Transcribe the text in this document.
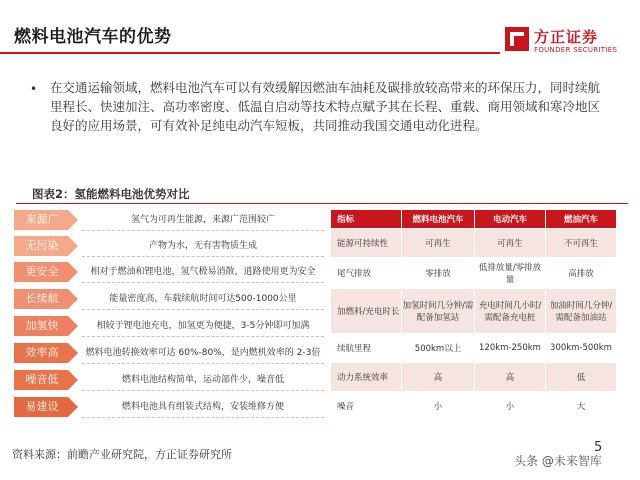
燃料电池汽车的优势	方正证券
FOUNDER SECURITIES
• 在交通运输领域，燃料电池汽车可以有效缓解因燃油车油耗及碳排放较高带来的环保压力，同时续航里程长、快速加注、高功率密度、低温自启动等技术特点赋予其在长程、重载、商用领域和寒冷地区良好的应用场景，可有效补足纯电动汽车短板，共同推动我国交通电动化进程。
图表2：氢能燃料电池优势对比
来源广	氢气为可再生能源，来源广范围较广
无污染	产物为水，无有害物质生成
更安全	相对于燃油和锂电池，氢气极易消散，逍路使用更为安全
长续航	能量密度高，车载续航时间可达500-1000公里
加氢快	相较于锂电池充电，加氢更为便捷，3-5分钟即可加满
效率高	燃料电池转换效率可达 60%-80%，是内燃机效率的 2-3倍
噪音低	燃料电池结构简单，运动部件少，噪音低
易建设	燃料电池具有组装式结构，安装维修方便
指标	燃料电池汽车	电动汽车	燃油汽车
能源可持续性	可再生	可再生	不可再生
尾气排放	零排放	低排放量/零排放量	高排放
加燃料/充电时长	加氢时间几分钟/需配备加氢站	充电时间几小时/需配备充电桩	加油时间几分钟/需配备加油站
续航里程	500km以上	120km-250km	300km-500km
动力系统效率	高	高	低
噪音	小	小	大
资料来源：前瞻产业研究院，方正证券研究所	5
头条 @未来智库
